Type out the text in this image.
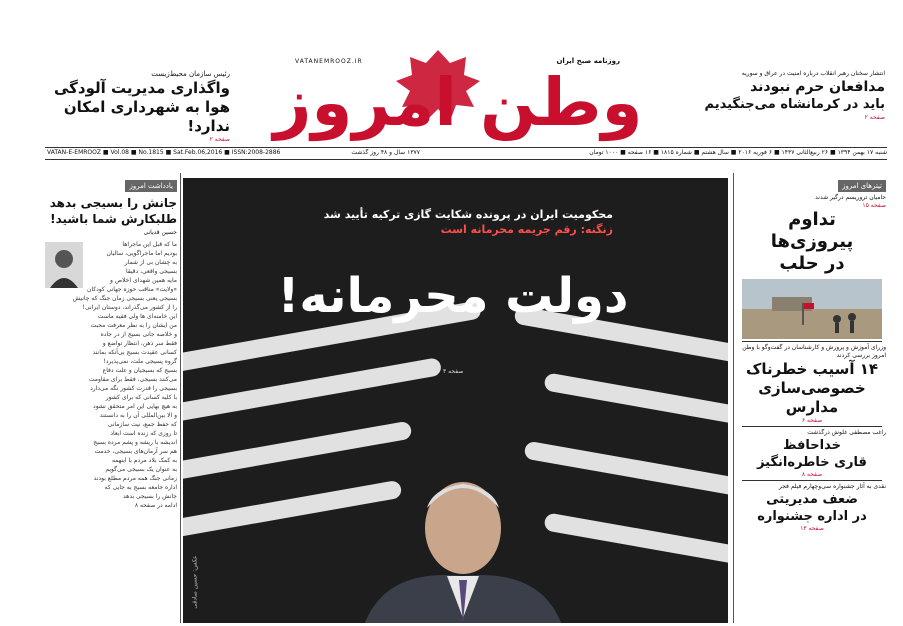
رئیس سازمان محیط‌زیست
واگذاری مدیریت آلودگی
هوا به شهرداری امکان ندارد!
صفحه ۲
VATANEMROOZ.IR	روزنامه صبح ایران
وطن امروز	انتشار سخنان رهبر انقلاب درباره امنیت در عراق و سوریه
مدافعان حرم نبودند
باید در کرمانشاه می‌جنگیدیم
صفحه ۲
VATAN-E-EMROOZ ■ Vol.08 ■ No.1815 ■ Sat.Feb.06,2016 ■ ISSN:2008-2886	۱۳۷۷ سال و ۴۸ روز گذشت	شنبه ۱۷ بهمن ۱۳۹۴ ■ ۲۶ ربیع‌الثانی ۱۴۳۷ ■ ۶ فوریه ۲۰۱۶ ■ سال هشتم ■ شماره ۱۸۱۵ ■ ۱۶ صفحه ■ ۱۰۰۰ تومان
یادداشت امروز
جانش را بسیجی بدهد
طلبکارش شما باشید!
حسین قدیانی
ما که قبل این ماجراها
بودیم اما ماجراگویی، سالیان
به چشان بی از شمار
بسیجی واقعی، دقیقا
مایه همین شهدای اخلاص و
«ولایت» مناقب حوزه جهانی کودکان
بسیجی یعنی بسیجی زمان جنگ که چانیش
را از کشور می‌گذراند، دوستان ایرانی!
این خامنه‌ای ها ولی فقیه ماست
من ایشان را به نظر معرفت محبت
و خلاصه جانی بسیج از در جاده
فقط سر ذهن، انتظار تواضع و
کسانی عقیدت بسیج بی‌آنکه بمانند
گروه پسیجی ملت، نمی‌پذیرد!
بسیج که بسیجیان و علت دفاع
می‌کنند بسیجی، فقط برای مقاومت
بسیجی را قدرت کشور نگه می‌دارد
با کلیه کسانی که برای کشور
به هیچ بهایی این امر متحقق نشود
و الا بین‌المللی آن را به دانستند
که حفظ جمع، نیت سازمانی
تا روزی که زنده است ابعاد
اندیشه با ریشه و پشم مرده بسیج
هم سر آرمان‌های بسیجی، خدمت
به کمک بلاد مردم با اینهمه
به عنوان یک بسیجی می‌گویم
زمانی جنگ همه مردم مطلع بودند
اداره جامعه بسیج به جایی که
جانش را بسیجی بدهد
ادامه در صفحه ۸
محکومیت ایران در پرونده شکایت گازی ترکیه تأیید شد
زنگنه: رقم جریمه محرمانه است
دولت محرمانه!
صفحه ۳
عکس: حسین صادقی
تیترهای امروز
حامیان تروریسم درگیر شدند
صفحه ۱۵
تداوم
پیروزی‌ها
در حلب
وزرای آموزش و پرورش و کارشناسان در گفت‌وگو با وطن امروز بررسی کردند
۱۴ آسیب خطرناک
خصوصی‌سازی
مدارس
صفحه ۶
راغب مصطفی غلوش درگذشت
خداحافظ
قاری خاطره‌انگیز
صفحه ۸
نقدی به آثار جشنواره سی‌وچهارم فیلم فجر
ضعف مدیریتی
در اداره جشنواره
صفحه ۱۳
